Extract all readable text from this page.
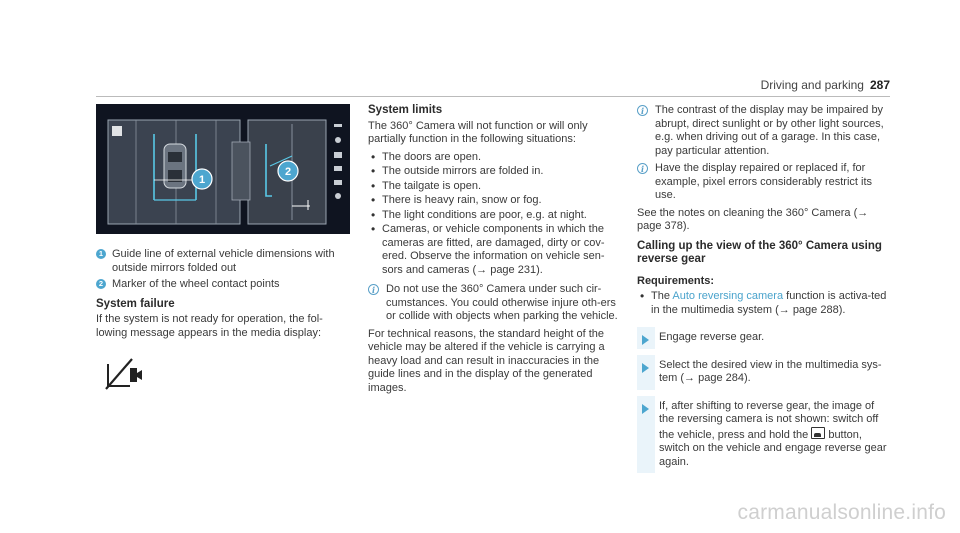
Driving and parking 287
1
2
1 Guide line of external vehicle dimensions with outside mirrors folded out
2 Marker of the wheel contact points
System failure

If the system is not ready for operation, the fol-lowing message appears in the media display:

System limits

The 360° Camera will not function or will only partially function in the following situations:

• The doors are open.
• The outside mirrors are folded in.
• The tailgate is open.
• There is heavy rain, snow or fog.
• The light conditions are poor, e.g. at night.
• Cameras, or vehicle components in which the cameras are fitted, are damaged, dirty or cov-ered. Observe the information on vehicle sen-sors and cameras (→ page 231).
i Do not use the 360° Camera under such cir-cumstances. You could otherwise injure oth-ers or collide with objects when parking the vehicle.

For technical reasons, the standard height of the vehicle may be altered if the vehicle is carrying a heavy load and can result in inaccuracies in the guide lines and in the display of the generated images.

i The contrast of the display may be impaired by abrupt, direct sunlight or by other light sources, e.g. when driving out of a garage. In this case, pay particular attention.
i Have the display repaired or replaced if, for example, pixel errors considerably restrict its use.

See the notes on cleaning the 360° Camera (→ page 378).

Calling up the view of the 360° Camera using reverse gear
Requirements:
• The Auto reversing camera function is activa-ted in the multimedia system (→ page 288).
Engage reverse gear.
Select the desired view in the multimedia sys-tem (→ page 284).
If, after shifting to reverse gear, the image of the reversing camera is not shown: switch off the vehicle, press and hold the  button, switch on the vehicle and engage reverse gear again.
carmanualsonline.info
